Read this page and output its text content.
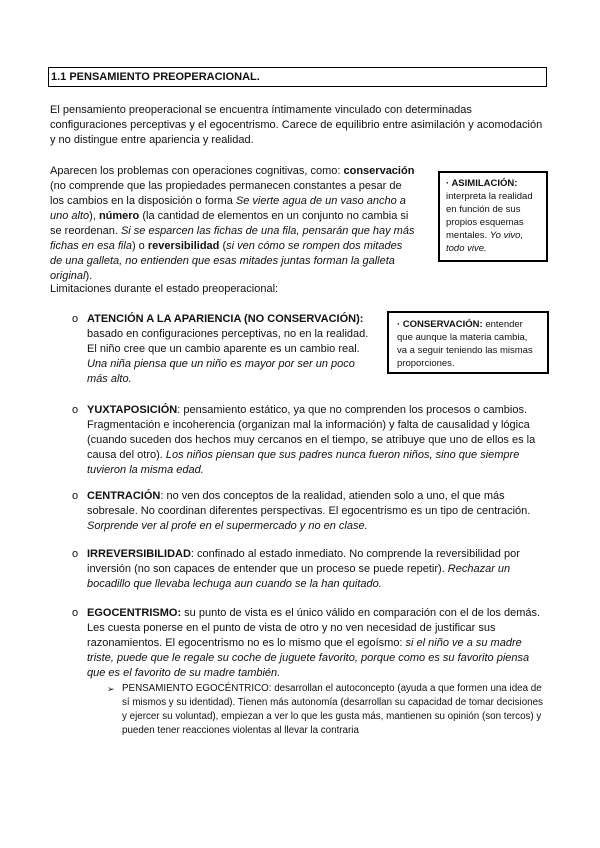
1.1 PENSAMIENTO PREOPERACIONAL.
El pensamiento preoperacional se encuentra íntimamente vinculado con determinadas configuraciones perceptivas y el egocentrismo. Carece de equilibrio entre asimilación y acomodación y no distingue entre apariencia y realidad.
Aparecen los problemas con operaciones cognitivas, como: conservación (no comprende que las propiedades permanecen constantes a pesar de los cambios en la disposición o forma Se vierte agua de un vaso ancho a uno alto), número (la cantidad de elementos en un conjunto no cambia si se reordenan. Si se esparcen las fichas de una fila, pensarán que hay más fichas en esa fila) o reversibilidad (si ven cómo se rompen dos mitades de una galleta, no entienden que esas mitades juntas forman la galleta original).
· ASIMILACIÓN: interpreta la realidad en función de sus propios esquemas mentales. Yo vivo, todo vive.
Limitaciones durante el estado preoperacional:
o ATENCIÓN A LA APARIENCIA (NO CONSERVACIÓN):
basado en configuraciones perceptivas, no en la realidad. El niño cree que un cambio aparente es un cambio real.
Una niña piensa que un niño es mayor por ser un poco más alto.
· CONSERVACIÓN: entender que aunque la materia cambia, va a seguir teniendo las mismas proporciones.
o YUXTAPOSICIÓN: pensamiento estático, ya que no comprenden los procesos o cambios. Fragmentación e incoherencia (organizan mal la información) y falta de causalidad y lógica (cuando suceden dos hechos muy cercanos en el tiempo, se atribuye que uno de ellos es la causa del otro). Los niños piensan que sus padres nunca fueron niños, sino que siempre tuvieron la misma edad.
o CENTRACIÓN: no ven dos conceptos de la realidad, atienden solo a uno, el que más sobresale. No coordinan diferentes perspectivas. El egocentrismo es un tipo de centración. Sorprende ver al profe en el supermercado y no en clase.
o IRREVERSIBILIDAD: confinado al estado inmediato. No comprende la reversibilidad por inversión (no son capaces de entender que un proceso se puede repetir). Rechazar un bocadillo que llevaba lechuga aun cuando se la han quitado.
o EGOCENTRISMO: su punto de vista es el único válido en comparación con el de los demás. Les cuesta ponerse en el punto de vista de otro y no ven necesidad de justificar sus razonamientos. El egocentrismo no es lo mismo que el egoísmo: si el niño ve a su madre triste, puede que le regale su coche de juguete favorito, porque como es su favorito piensa que es el favorito de su madre también.
➢ PENSAMIENTO EGOCÉNTRICO: desarrollan el autoconcepto (ayuda a que formen una idea de sí mismos y su identidad). Tienen más autonomía (desarrollan su capacidad de tomar decisiones y ejercer su voluntad), empiezan a ver lo que les gusta más, mantienen su opinión (son tercos) y pueden tener reacciones violentas al llevar la contraria
